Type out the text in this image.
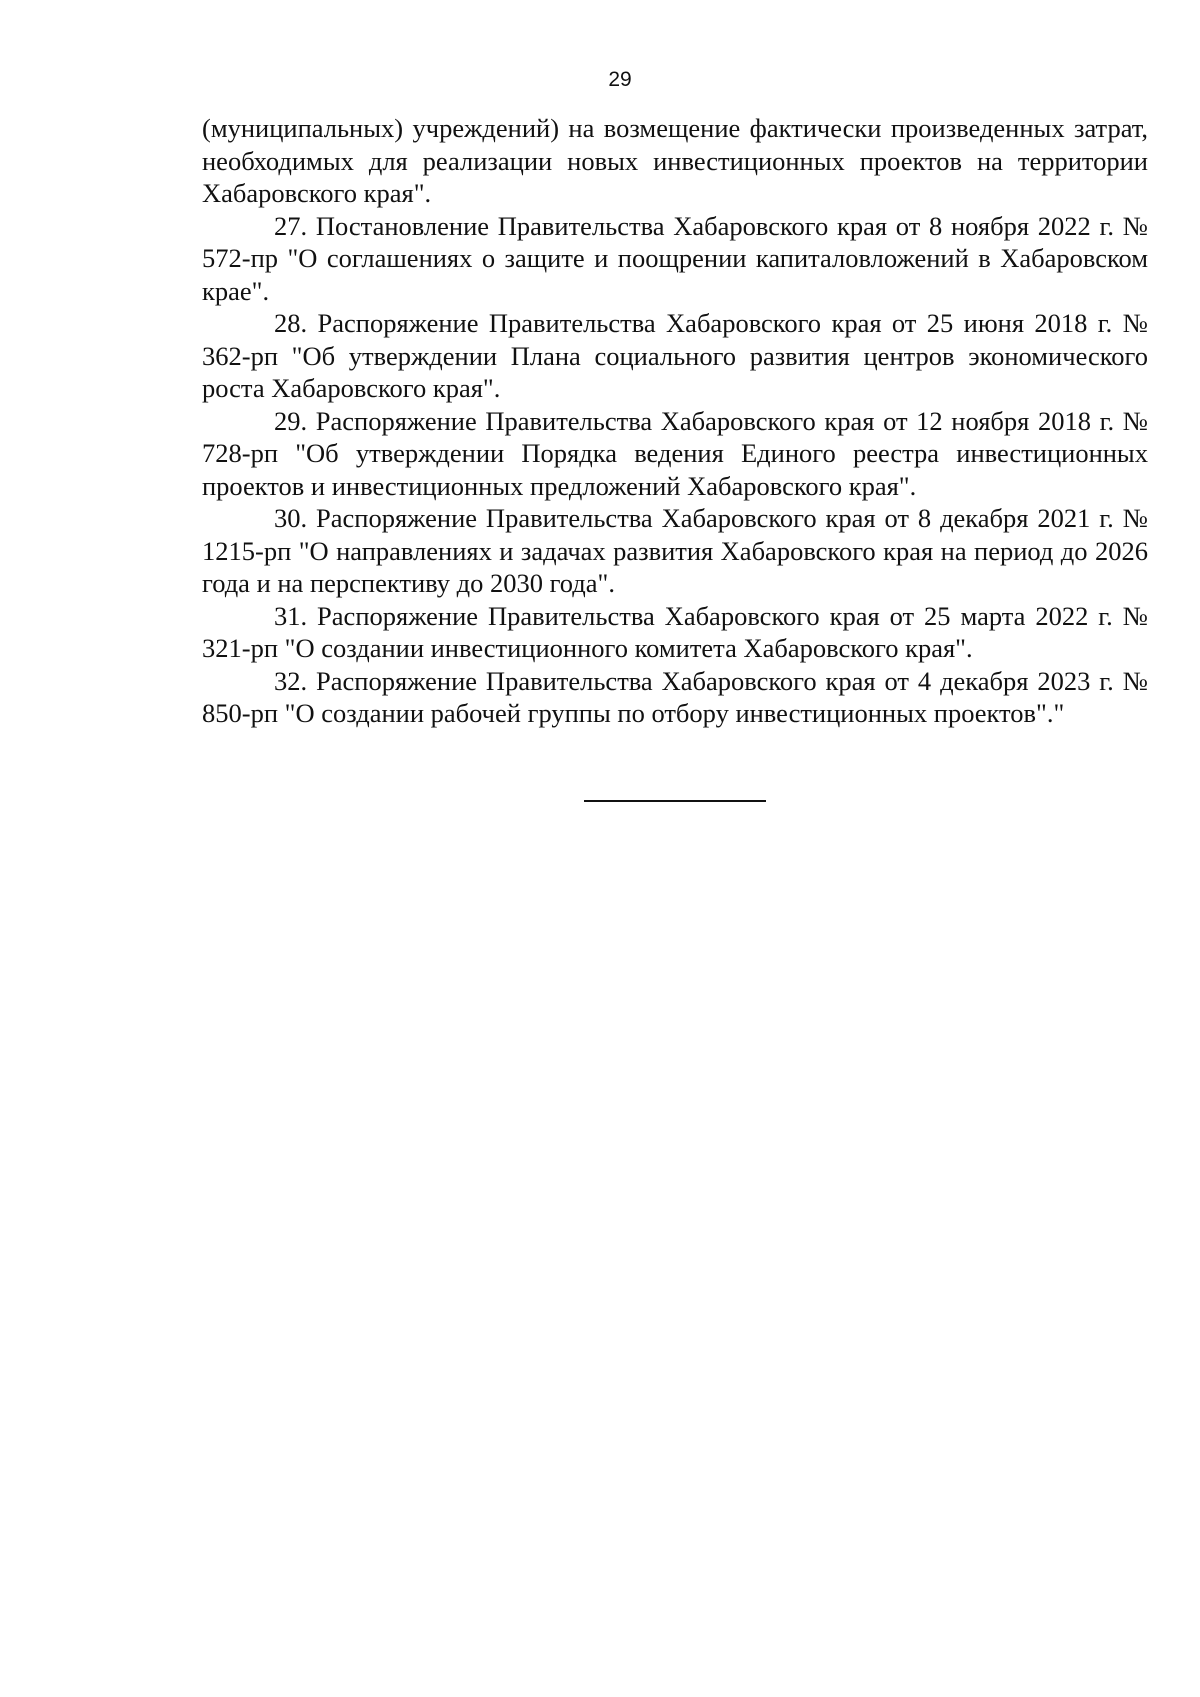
29

(муниципальных) учреждений) на возмещение фактически произведенных затрат, необходимых для реализации новых инвестиционных проектов на территории Хабаровского края".

27. Постановление Правительства Хабаровского края от 8 ноября 2022 г. № 572-пр "О соглашениях о защите и поощрении капиталовложений в Хабаровском крае".

28. Распоряжение Правительства Хабаровского края от 25 июня 2018 г. № 362-рп "Об утверждении Плана социального развития центров экономического роста Хабаровского края".

29. Распоряжение Правительства Хабаровского края от 12 ноября 2018 г. № 728-рп "Об утверждении Порядка ведения Единого реестра инвестиционных проектов и инвестиционных предложений Хабаровского края".

30. Распоряжение Правительства Хабаровского края от 8 декабря 2021 г. № 1215-рп "О направлениях и задачах развития Хабаровского края на период до 2026 года и на перспективу до 2030 года".

31. Распоряжение Правительства Хабаровского края от 25 марта 2022 г. № 321-рп "О создании инвестиционного комитета Хабаровского края".

32. Распоряжение Правительства Хабаровского края от 4 декабря 2023 г. № 850-рп "О создании рабочей группы по отбору инвестиционных проектов"."
